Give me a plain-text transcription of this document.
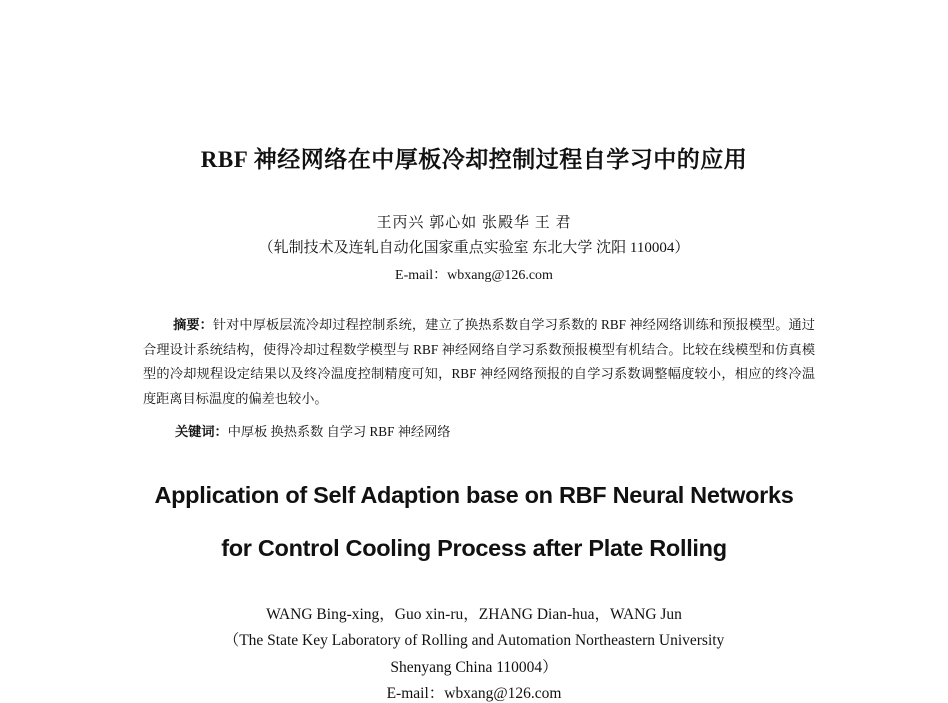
RBF 神经网络在中厚板冷却控制过程自学习中的应用
王丙兴 郭心如 张殿华 王 君
（轧制技术及连轧自动化国家重点实验室 东北大学 沈阳 110004）
E-mail：wbxang@126.com
摘要：针对中厚板层流冷却过程控制系统，建立了换热系数自学习系数的 RBF 神经网络训练和预报模型。通过合理设计系统结构，使得冷却过程数学模型与 RBF 神经网络自学习系数预报模型有机结合。比较在线模型和仿真模型的冷却规程设定结果以及终冷温度控制精度可知，RBF 神经网络预报的自学习系数调整幅度较小，相应的终冷温度距离目标温度的偏差也较小。
关键词：中厚板 换热系数 自学习 RBF 神经网络
Application of Self Adaption base on RBF Neural Networks
for Control Cooling Process after Plate Rolling
WANG Bing-xing，Guo xin-ru，ZHANG Dian-hua，WANG Jun
（The State Key Laboratory of Rolling and Automation Northeastern University
Shenyang China 110004）
E-mail：wbxang@126.com
